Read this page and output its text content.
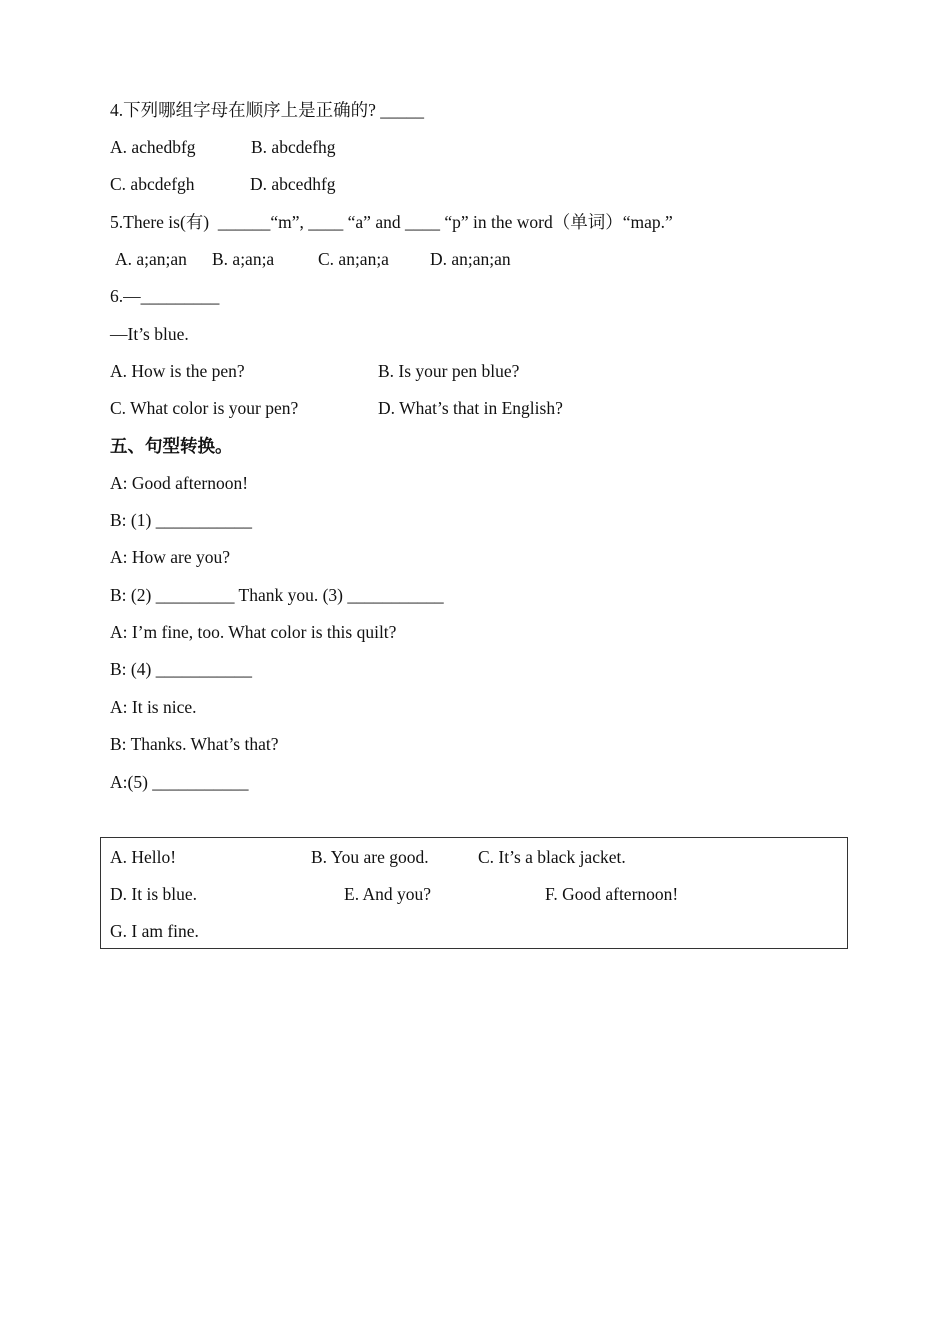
4.下列哪组字母在顺序上是正确的? _____
A. achedbfg	B. abcdefhg
C. abcdefgh	D. abcedhfg
5.There is(有)  ______“m”, ____ “a” and ____ “p” in the word（单词）“map.”
A. a;an;an B. a;an;a	C. an;an;a D. an;an;an
6.—_________
—It’s blue.
A. How is the pen?	B. Is your pen blue?
C. What color is your pen?	D. What’s that in English?
五、句型转换。
A: Good afternoon!
B: (1) ___________
A: How are you?
B: (2) _________ Thank you. (3) ___________
A: I’m fine, too. What color is this quilt?
B: (4) ___________
A: It is nice.
B: Thanks. What’s that?
A:(5) ___________
A. Hello!	B. You are good.	C. It’s a black jacket.
D. It is blue.	E. And you?	F. Good afternoon!
G. I am fine.
